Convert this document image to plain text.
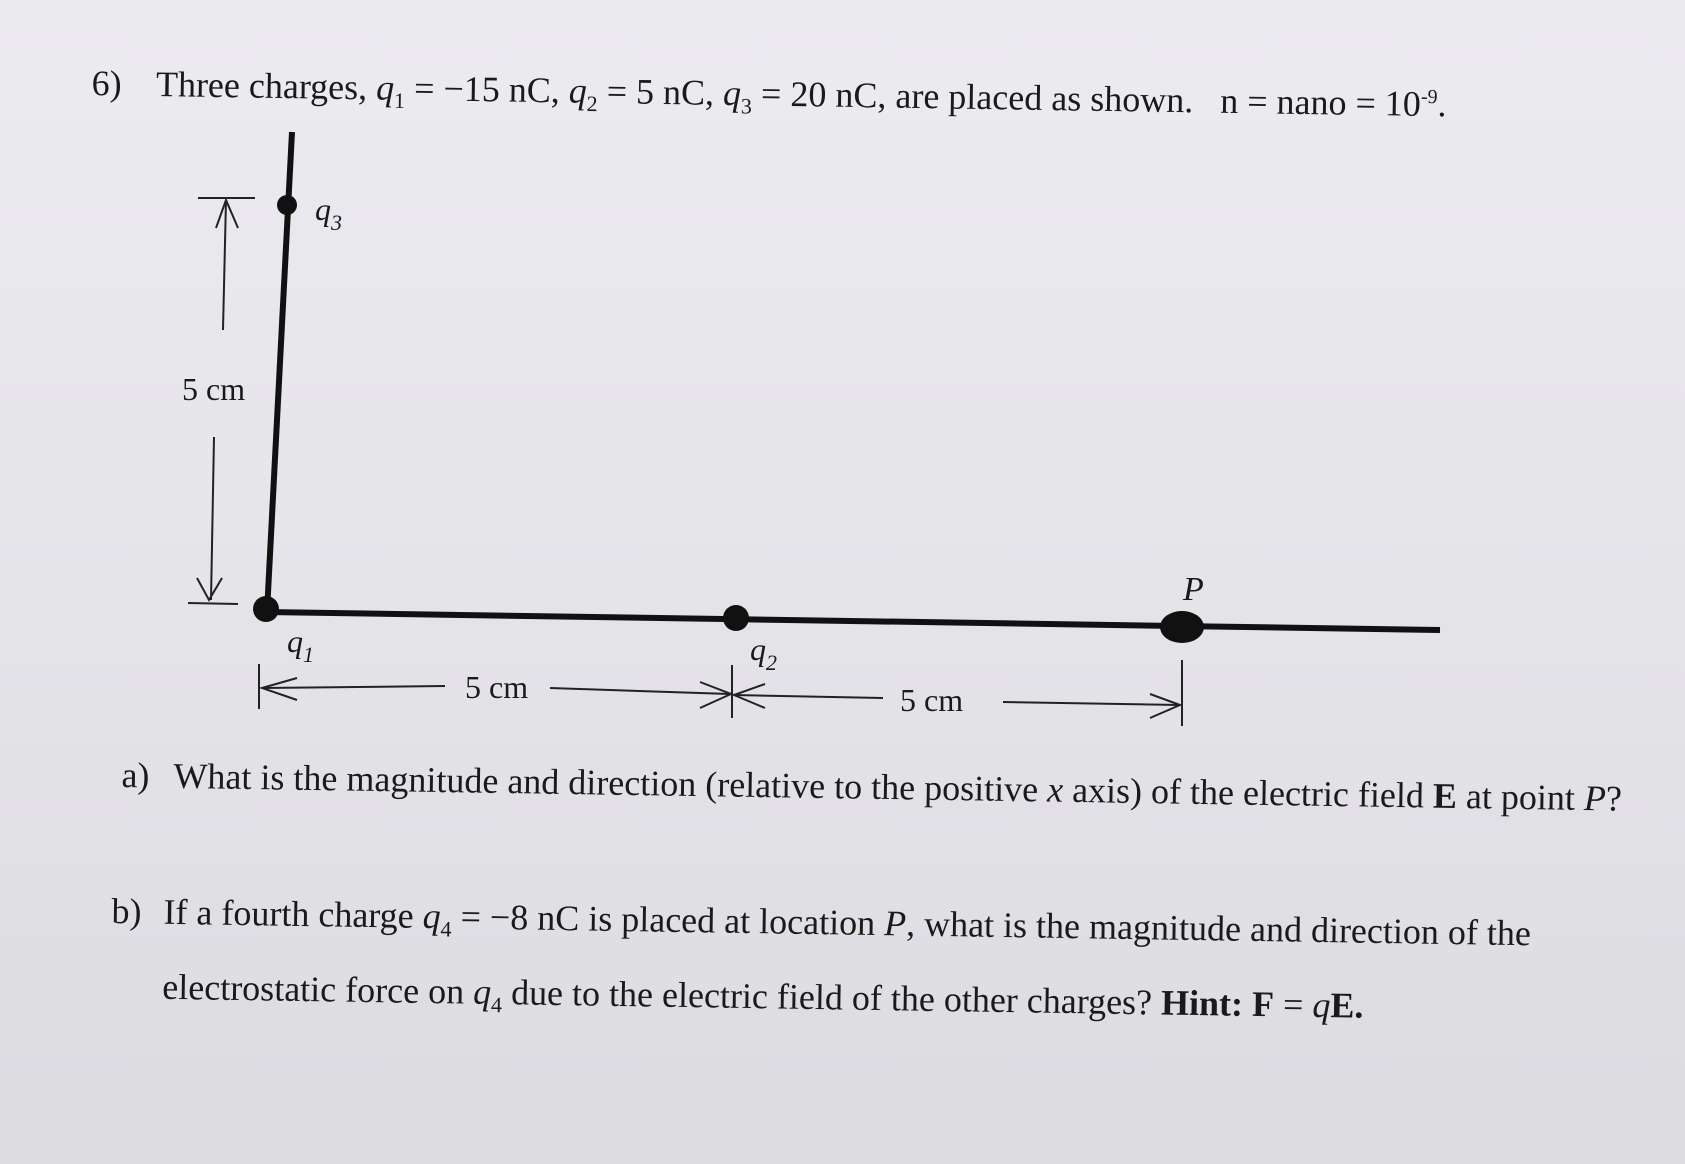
6) Three charges, $q_1 = -15$ nC, $q_2 = 5$ nC, $q_3 = 20$ nC, are placed as shown. n = nano = $10^{-9}$.
$q_3$
$q_1$	$q_2$
P
5 cm
5 cm	5 cm
a) What is the magnitude and direction (relative to the positive x axis) of the electric field E at point P?
b) If a fourth charge $q_4 = -8$ nC is placed at location P, what is the magnitude and direction of the electrostatic force on $q_4$ due to the electric field of the other charges? Hint: F = qE.
